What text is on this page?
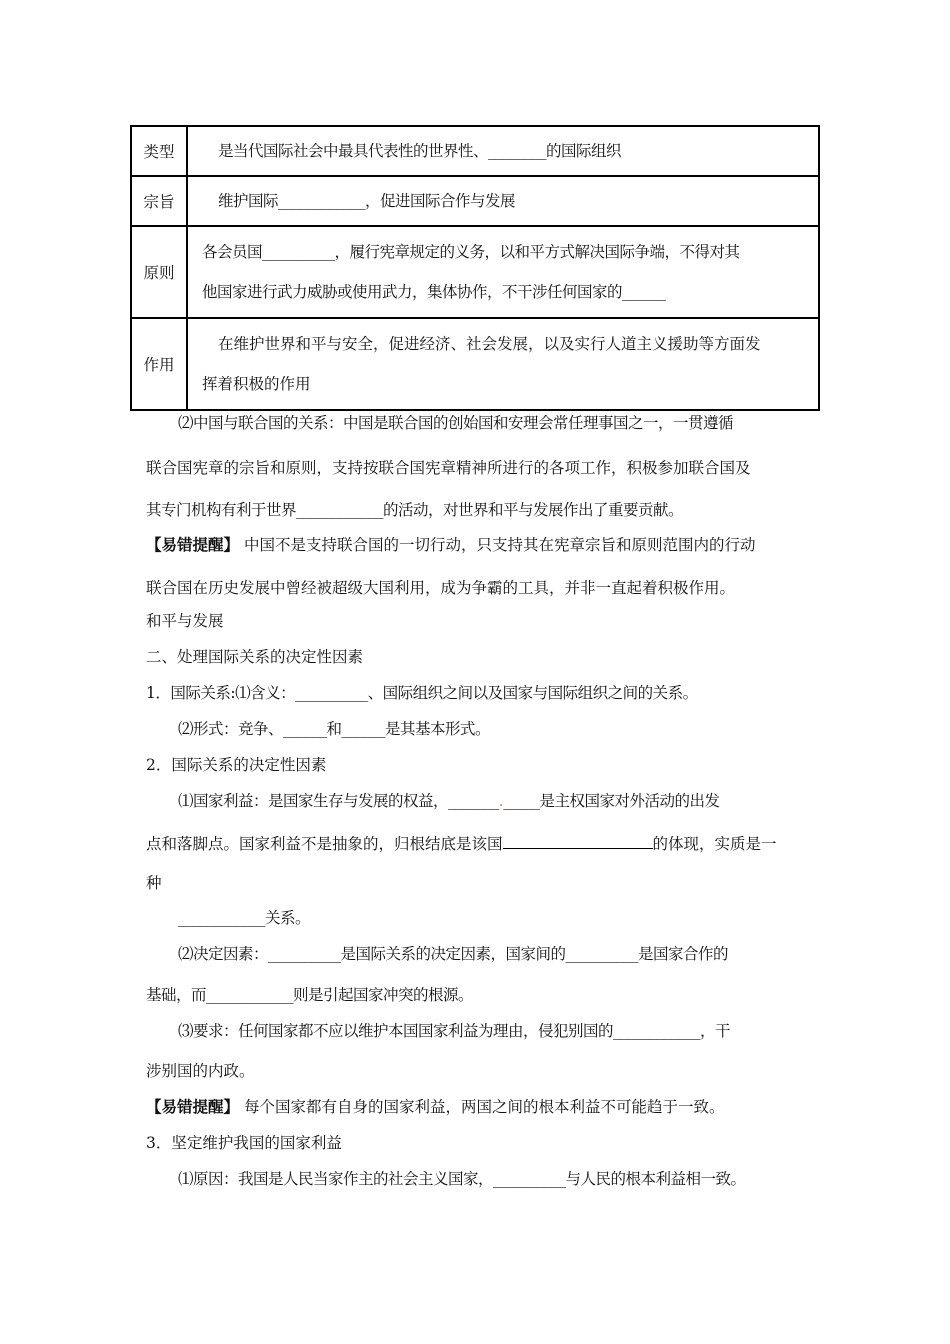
类型	是当代国际社会中最具代表性的世界性、________的国际组织
宗旨	维护国际____________，促进国际合作与发展
原则	各会员国__________，履行宪章规定的义务，以和平方式解决国际争端，不得对其
他国家进行武力威胁或使用武力，集体协作，不干涉任何国家的______

作用	在维护世界和平与安全，促进经济、社会发展，以及实行人道主义援助等方面发
挥着积极的作用
⑵中国与联合国的关系：中国是联合国的创始国和安理会常任理事国之一，一贯遵循
联合国宪章的宗旨和原则，支持按联合国宪章精神所进行的各项工作，积极参加联合国及
其专门机构有利于世界____________的活动，对世界和平与发展作出了重要贡献。
【易错提醒】 中国不是支持联合国的一切行动，只支持其在宪章宗旨和原则范围内的行动
联合国在历史发展中曾经被超级大国利用，成为争霸的工具，并非一直起着积极作用。
和平与发展
二、处理国际关系的决定性因素
1．国际关系:⑴含义：__________、国际组织之间以及国家与国际组织之间的关系。
⑵形式：竞争、______和______是其基本形式。
2．国际关系的决定性因素
⑴国家利益：是国家生存与发展的权益，_______._____是主权国家对外活动的出发
点和落脚点。国家利益不是抽象的，归根结底是该国	的体现，实质是一
种
____________关系。
⑵决定因素：__________是国际关系的决定因素，国家间的__________是国家合作的
基础，而____________则是引起国家冲突的根源。
⑶要求：任何国家都不应以维护本国国家利益为理由，侵犯别国的____________，干
涉别国的内政。
【易错提醒】 每个国家都有自身的国家利益，两国之间的根本利益不可能趋于一致。
3．坚定维护我国的国家利益
⑴原因：我国是人民当家作主的社会主义国家，__________与人民的根本利益相一致。
